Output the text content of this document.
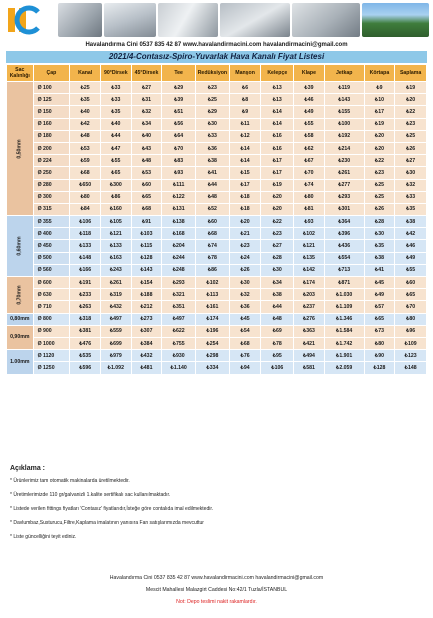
Havalandırma Cini 0537 835 42 87 www.havalandirmacini.com havalandirmacini@gmail.com
2021/4-Contasız-Spiro-Yuvarlak Hava Kanalı Fiyat Listesi
Sac Kalınlığı	Çap	Kanal	90°Dirsek	45°Dirsek	Tee	Redüksiyon	Manşon	Kelepçe	Klape	Jetkap	Körtapa	Saplama
0,50mm	Ø 100	₺25	₺33	₺27	₺29	₺23	₺6	₺13	₺39	₺119	₺9	₺19
	Ø 125	₺35	₺33	₺31	₺39	₺25	₺8	₺13	₺46	₺143	₺10	₺20
	Ø 150	₺40	₺35	₺32	₺51	₺29	₺9	₺14	₺49	₺155	₺17	₺22
	Ø 160	₺42	₺40	₺34	₺56	₺30	₺11	₺14	₺55	₺100	₺19	₺23
	Ø 180	₺48	₺44	₺40	₺64	₺33	₺12	₺16	₺58	₺192	₺20	₺25
	Ø 200	₺53	₺47	₺43	₺70	₺36	₺14	₺16	₺62	₺214	₺20	₺26
	Ø 224	₺59	₺55	₺48	₺83	₺38	₺14	₺17	₺67	₺230	₺22	₺27
	Ø 250	₺68	₺65	₺53	₺93	₺41	₺15	₺17	₺70	₺261	₺23	₺30
	Ø 280	₺650	₺300	₺60	₺111	₺44	₺17	₺19	₺74	₺277	₺25	₺32
	Ø 300	₺80	₺86	₺65	₺122	₺48	₺18	₺20	₺80	₺293	₺25	₺33
	Ø 315	₺84	₺160	₺68	₺131	₺52	₺18	₺20	₺81	₺301	₺26	₺35
0,60mm	Ø 355	₺106	₺105	₺91	₺138	₺60	₺20	₺22	₺93	₺364	₺28	₺38
	Ø 400	₺118	₺121	₺103	₺168	₺68	₺21	₺23	₺102	₺396	₺30	₺42
	Ø 450	₺133	₺133	₺115	₺204	₺74	₺23	₺27	₺121	₺436	₺35	₺46
	Ø 500	₺148	₺163	₺128	₺244	₺78	₺24	₺28	₺135	₺554	₺38	₺49
	Ø 560	₺166	₺243	₺143	₺248	₺86	₺26	₺30	₺142	₺713	₺41	₺55
0,70mm	Ø 600	₺191	₺261	₺154	₺293	₺102	₺30	₺34	₺174	₺871	₺45	₺60
	Ø 630	₺233	₺319	₺188	₺321	₺113	₺32	₺38	₺203	₺1.030	₺49	₺65
	Ø 710	₺263	₺432	₺212	₺351	₺161	₺36	₺44	₺237	₺1.109	₺57	₺70
0,80mm	Ø 800	₺318	₺497	₺273	₺497	₺174	₺45	₺48	₺276	₺1.346	₺65	₺80
0,90mm	Ø 900	₺381	₺559	₺307	₺622	₺196	₺54	₺69	₺363	₺1.584	₺73	₺96
	Ø 1000	₺476	₺699	₺384	₺755	₺254	₺68	₺78	₺421	₺1.742	₺80	₺109
1.00mm	Ø 1120	₺535	₺979	₺432	₺930	₺298	₺76	₺95	₺494	₺1.901	₺90	₺123
	Ø 1250	₺596	₺1.092	₺481	₺1.140	₺334	₺94	₺106	₺581	₺2.059	₺128	₺148
Açıklama :
* Ürünlerimiz tam otomatik makinalarda üretilmektedir.
* Üretimlerimizde 110 gr/galvanizli 1.kalite sertifikalı sac kullanılmaktadır.
* Listede verilen fittings fiyatları 'Contasız' fiyatlarıdır,İsteğe göre contalıda imal edilmektedir.
* Davlumbaz,Susturucu,Filtre,Kaplama imalatının yanısıra Fan satışlarımızda mevcuttur
* Liste güncelliğini teyit ediniz.
Havalandırma Cini 0537 835 42 87 www.havalandirmacini.com havalandirmacini@gmail.com
Mescit Mahallesi Malazgirt Caddesi No:42/1 Tuzla/İSTANBUL
Not: Depo teslimi nakit rakamlardır.
